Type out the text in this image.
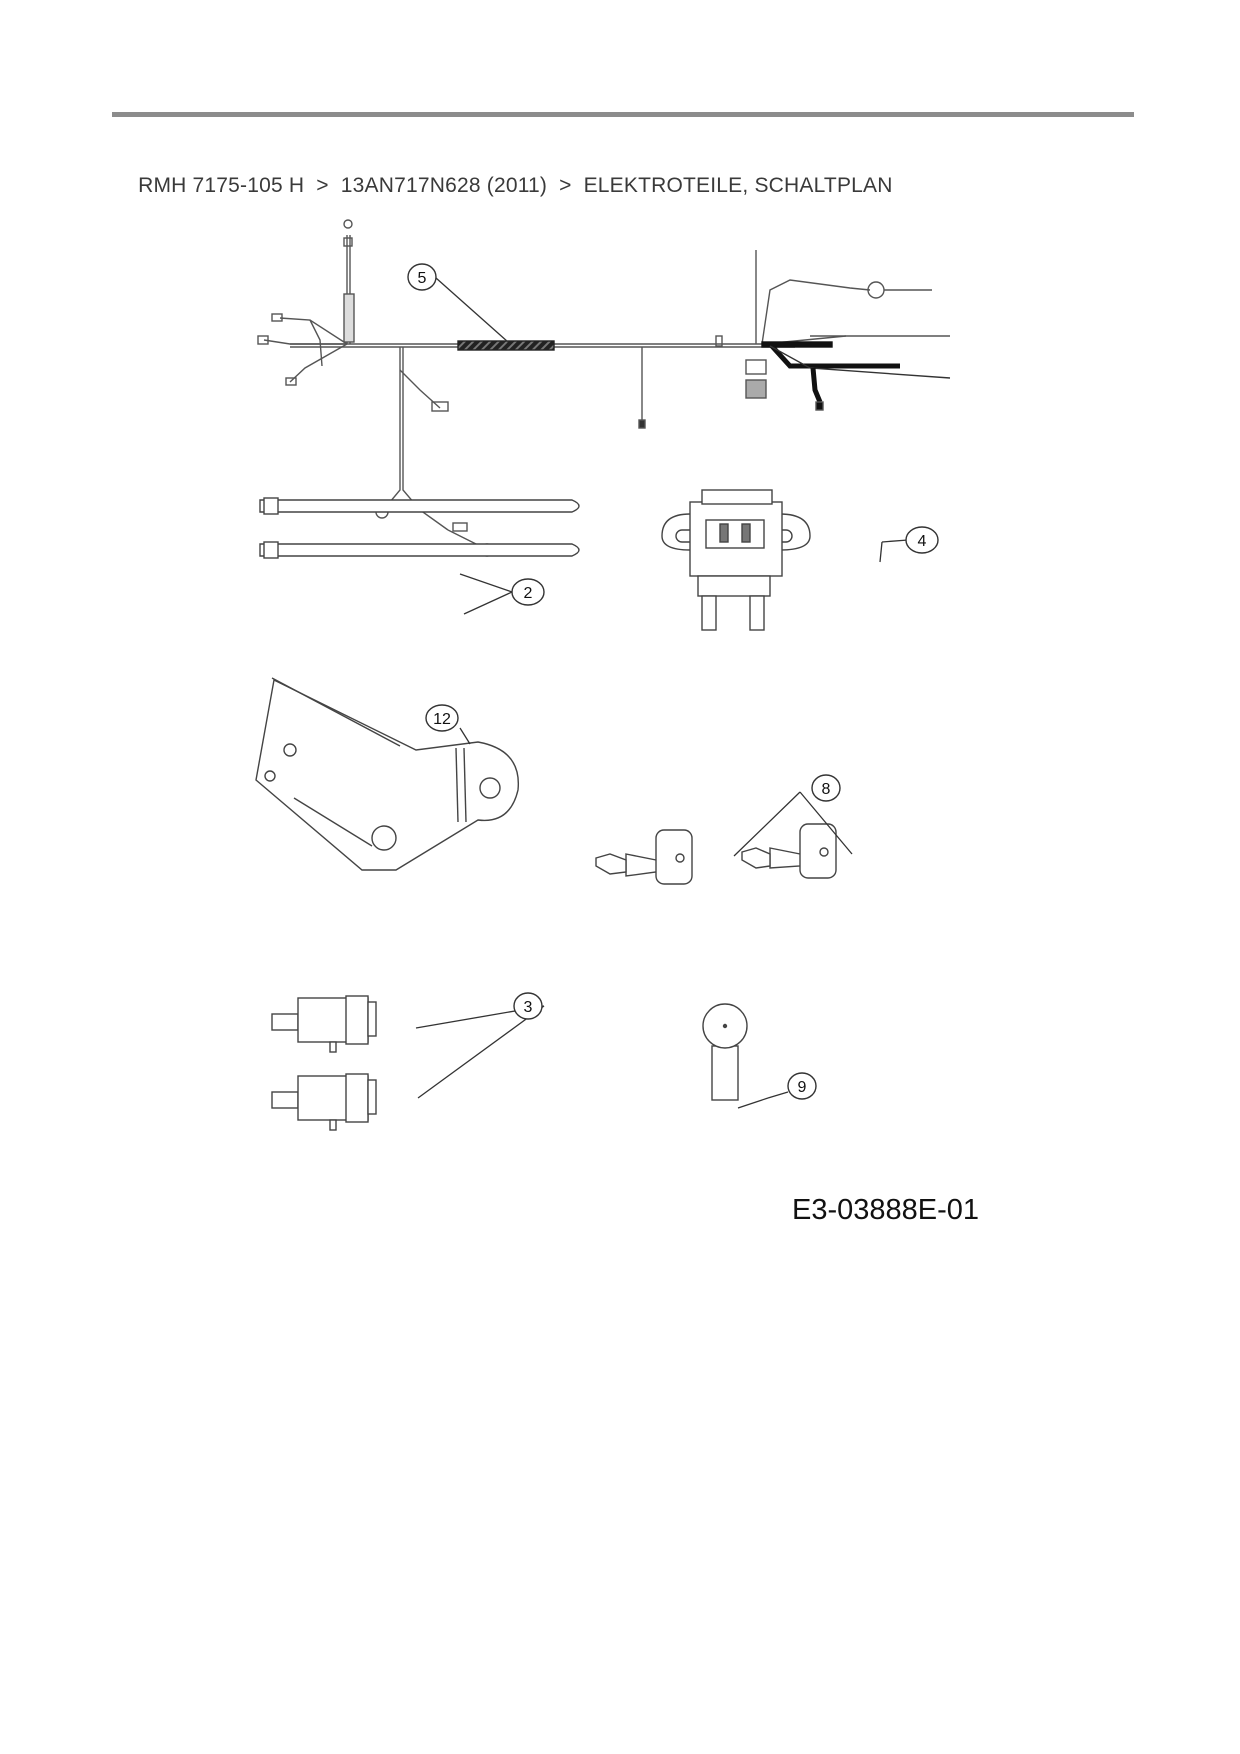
RMH 7175-105 H > 13AN717N628 (2011) > ELEKTROTEILE, SCHALTPLAN

5
2
4
12
8
3
9
E3-03888E-01
